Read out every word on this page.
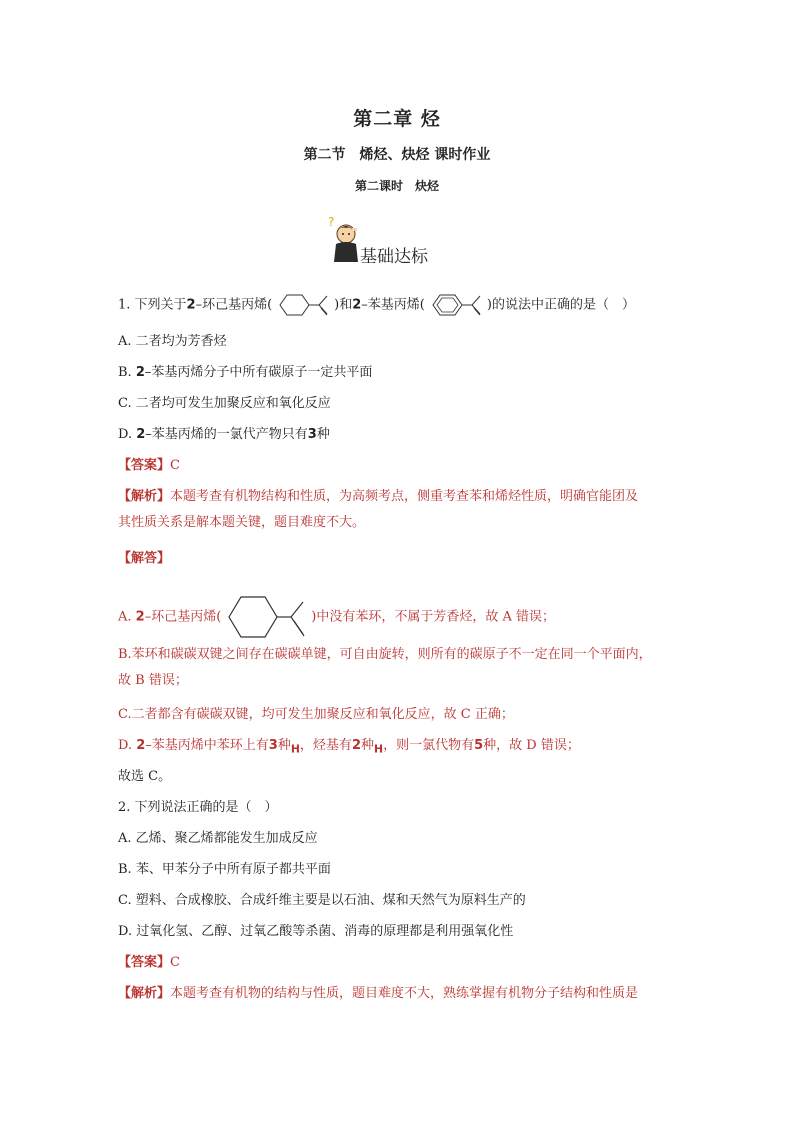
第二章 烃
第二节　烯烃、炔烃 课时作业
第二课时　炔烃
?
基础达标
1. 下列关于2–环己基丙烯(	)和2–苯基丙烯(	)的说法中正确的是（　）
A. 二者均为芳香烃
B. 2–苯基丙烯分子中所有碳原子一定共平面
C. 二者均可发生加聚反应和氧化反应
D. 2–苯基丙烯的一氯代产物只有3种
【答案】C
【解析】本题考查有机物结构和性质，为高频考点，侧重考查苯和烯烃性质，明确官能团及
其性质关系是解本题关键，题目难度不大。
【解答】
A. 2–环己基丙烯(	)中没有苯环，不属于芳香烃，故 A 错误；
B.苯环和碳碳双键之间存在碳碳单键，可自由旋转，则所有的碳原子不一定在同一个平面内，
故 B 错误；
C.二者都含有碳碳双键，均可发生加聚反应和氧化反应，故 C 正确；
D. 2–苯基丙烯中苯环上有3种$_H$，烃基有2种$_H$，则一氯代物有5种，故 D 错误；
故选 C。
2. 下列说法正确的是（　）
A. 乙烯、聚乙烯都能发生加成反应
B. 苯、甲苯分子中所有原子都共平面
C. 塑料、合成橡胶、合成纤维主要是以石油、煤和天然气为原料生产的
D. 过氧化氢、乙醇、过氧乙酸等杀菌、消毒的原理都是利用强氧化性
【答案】C
【解析】本题考查有机物的结构与性质，题目难度不大，熟练掌握有机物分子结构和性质是
